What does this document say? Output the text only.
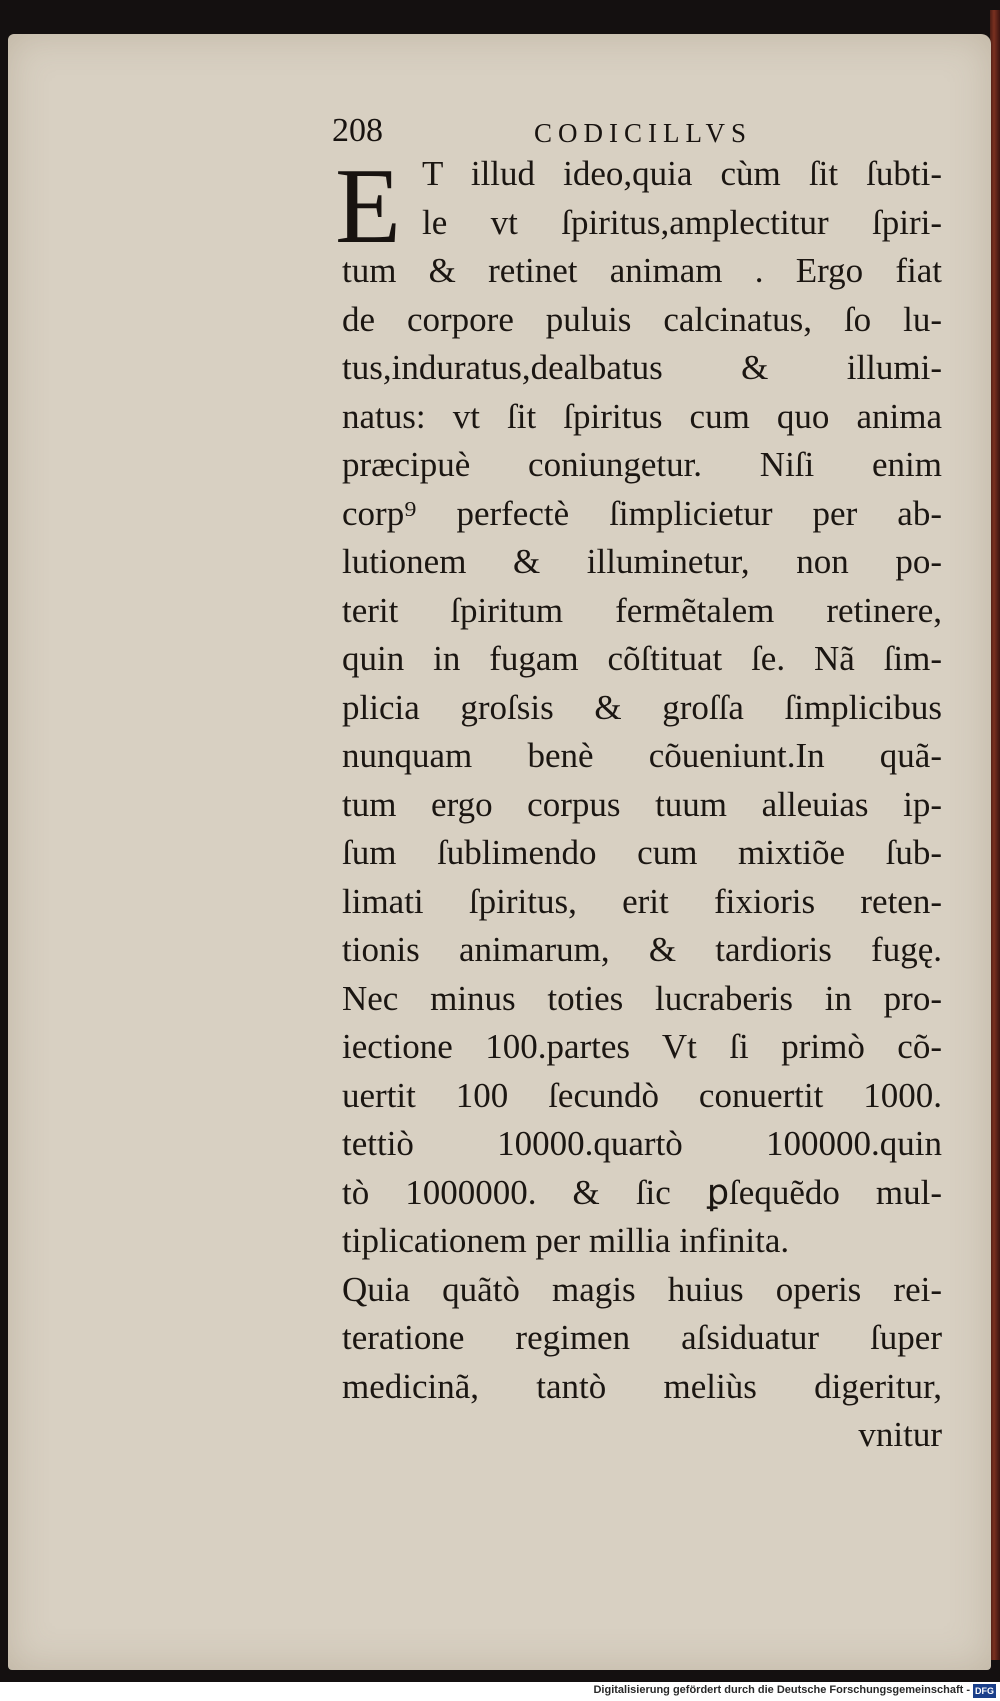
208	CODICILLVS
E T illud ideo,quia cùm ſit ſubti-
le vt ſpiritus,amplectitur ſpiri-
tum & retinet animam . Ergo fiat
de corpore puluis calcinatus, ſo lu-
tus,induratus,dealbatus & illumi-
natus: vt ſit ſpiritus cum quo anima
præcipuè coniungetur. Niſi enim
corp⁹ perfectè ſimplicietur per ab-
lutionem & illuminetur, non po-
terit ſpiritum fermẽtalem retinere,
quin in fugam cõſtituat ſe. Nã ſim-
plicia groſsis & groſſa ſimplicibus
nunquam benè cõueniunt.In quã-
tum ergo corpus tuum alleuias ip-
ſum ſublimendo cum mixtiõe ſub-
limati ſpiritus, erit fixioris reten-
tionis animarum, & tardioris fugę.
Nec minus toties lucraberis in pro-
iectione 100.partes Vt ſi primò cõ-
uertit 100 ſecundò conuertit 1000.
tettiò 10000.quartò 100000.quin
tò 1000000. & ſic ꝑſequẽdo mul-
tiplicationem per millia infinita.
Quia quãtò magis huius operis rei-
teratione regimen aſsiduatur ſuper
medicinã, tantò meliùs digeritur,
vnitur
Digitalisierung gefördert durch die Deutsche Forschungsgemeinschaft - DFG
